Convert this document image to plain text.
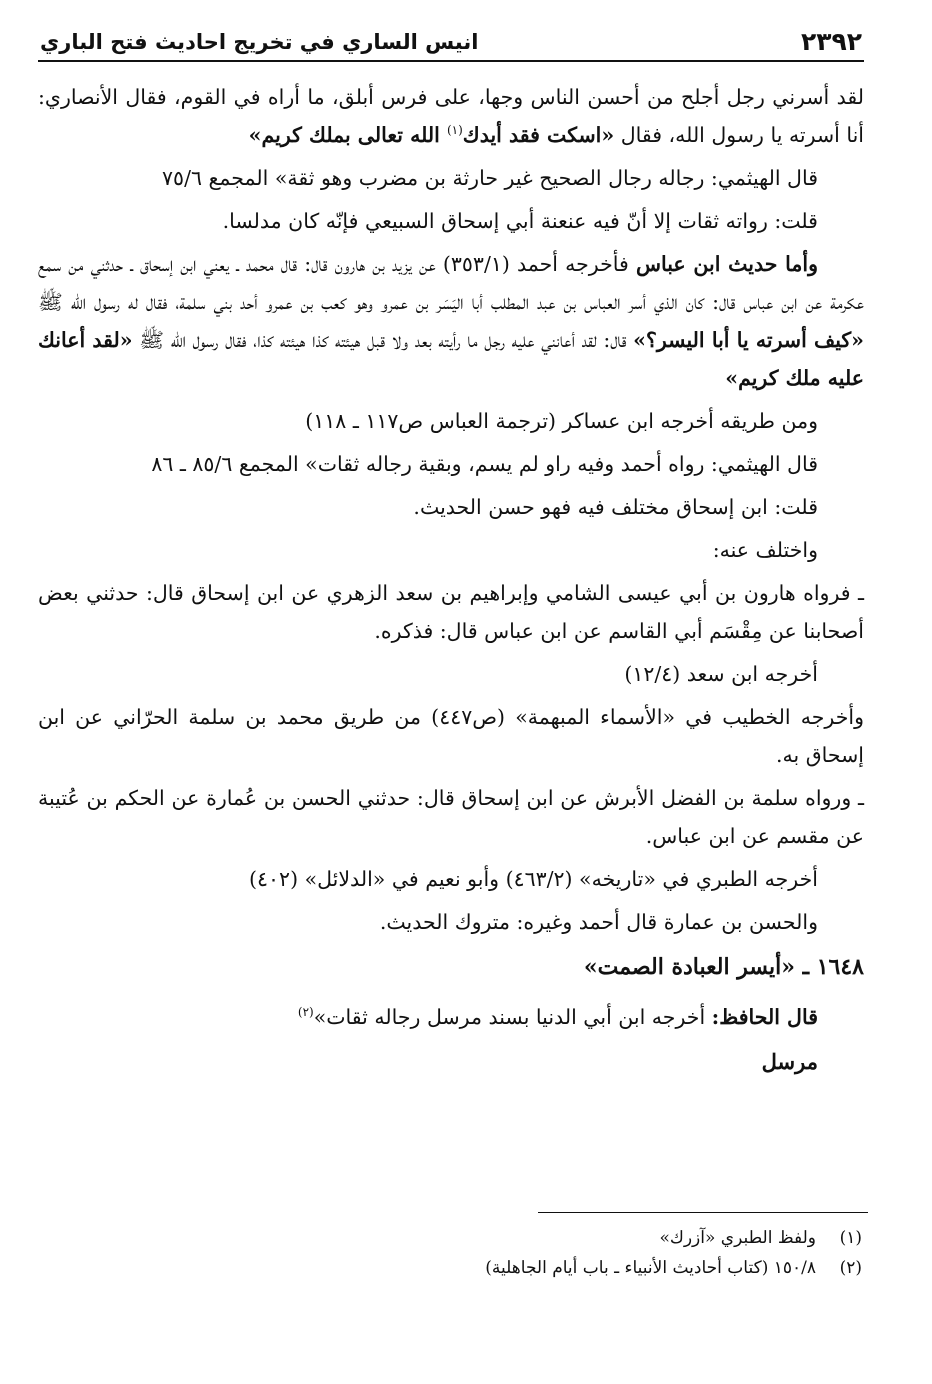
٢٣٩٢
انيس الساري في تخريج احاديث فتح الباري

لقد أسرني رجل أجلح من أحسن الناس وجها، على فرس أبلق، ما أراه في القوم، فقال الأنصاري: أنا أسرته يا رسول الله، فقال «اسكت فقد أيدك$^{(١)}$ الله تعالى بملك كريم»

قال الهيثمي: رجاله رجال الصحيح غير حارثة بن مضرب وهو ثقة» المجمع ٧٥/٦

قلت: رواته ثقات إلا أنّ فيه عنعنة أبي إسحاق السبيعي فإنّه كان مدلسا.

وأما حديث ابن عباس فأخرجه أحمد (٣٥٣/١) عن يزيد بن هارون قال: قال محمد ـ يعني ابن إسحاق ـ حدثني من سمع عكرمة عن ابن عباس قال: كان الذي أسر العباس بن عبد المطلب أبا اليَسَر بن عمرو وهو كعب بن عمرو أحد بني سلمة، فقال له رسول الله ﷺ «كيف أسرته يا أبا اليسر؟» قال: لقد أعانني عليه رجل ما رأيته بعد ولا قبل هيئته كذا هيئته كذا، فقال رسول الله ﷺ «لقد أعانك عليه ملك كريم»

ومن طريقه أخرجه ابن عساكر (ترجمة العباس ص١١٧ ـ ١١٨)

قال الهيثمي: رواه أحمد وفيه راو لم يسم، وبقية رجاله ثقات» المجمع ٨٥/٦ ـ ٨٦

قلت: ابن إسحاق مختلف فيه فهو حسن الحديث.

واختلف عنه:

ـ فرواه هارون بن أبي عيسى الشامي وإبراهيم بن سعد الزهري عن ابن إسحاق قال: حدثني بعض أصحابنا عن مِقْسَم أبي القاسم عن ابن عباس قال: فذكره.

أخرجه ابن سعد (١٢/٤)

وأخرجه الخطيب في «الأسماء المبهمة» (ص٤٤٧) من طريق محمد بن سلمة الحرّاني عن ابن إسحاق به.

ـ ورواه سلمة بن الفضل الأبرش عن ابن إسحاق قال: حدثني الحسن بن عُمارة عن الحكم بن عُتيبة عن مقسم عن ابن عباس.

أخرجه الطبري في «تاريخه» (٤٦٣/٢) وأبو نعيم في «الدلائل» (٤٠٢)

والحسن بن عمارة قال أحمد وغيره: متروك الحديث.

١٦٤٨ ـ «أيسر العبادة الصمت»

قال الحافظ: أخرجه ابن أبي الدنيا بسند مرسل رجاله ثقات»$^{(٢)}$

مرسل

(١)ولفظ الطبري «آزرك»

(٢)١٥٠/٨ (كتاب أحاديث الأنبياء ـ باب أيام الجاهلية)
